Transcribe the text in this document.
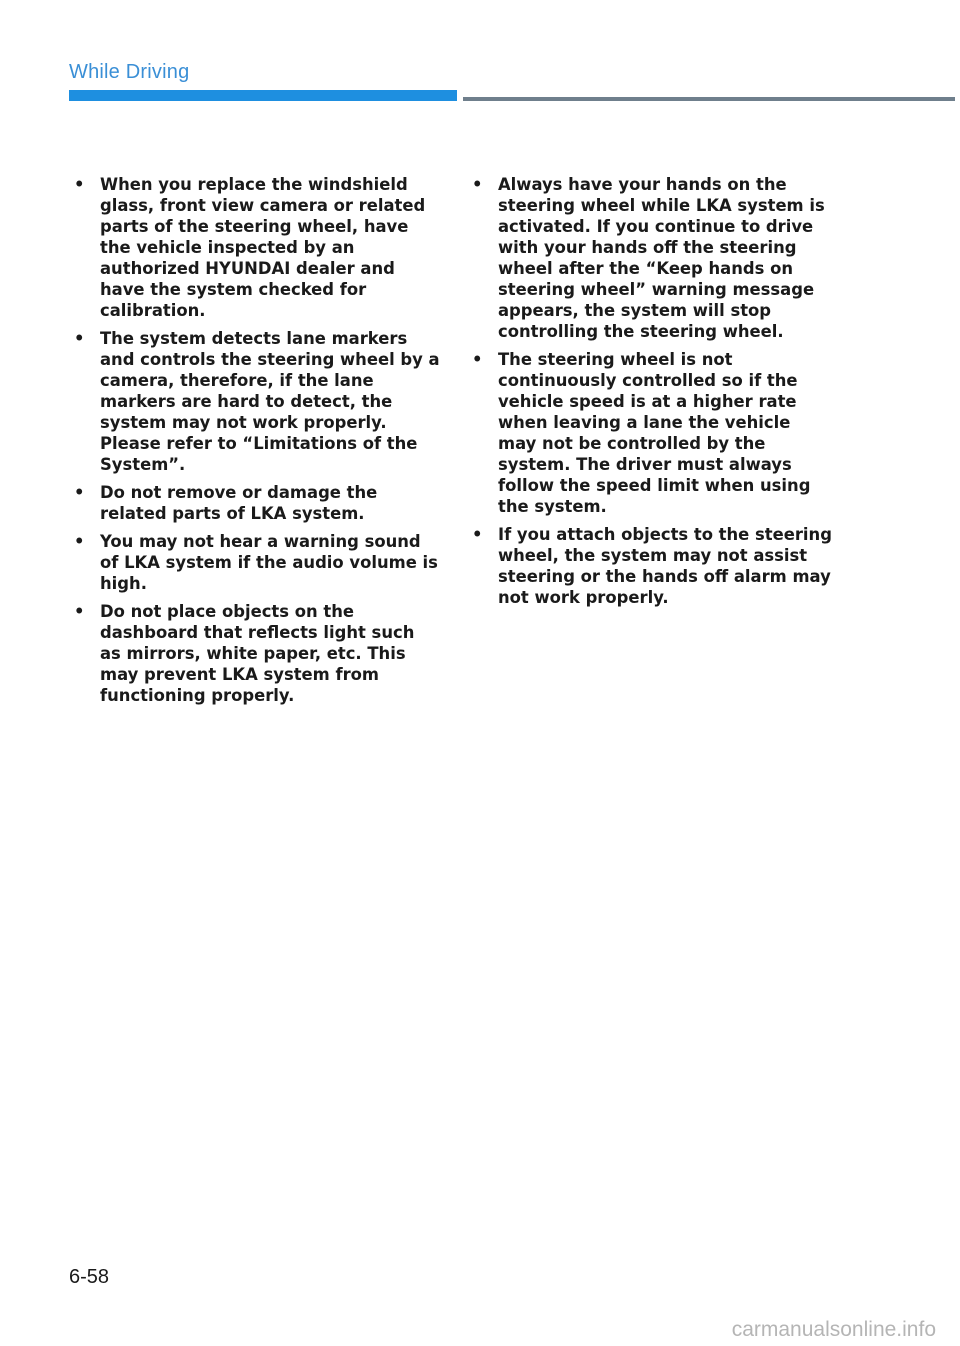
While Driving
• When you replace the windshield glass, front view camera or related parts of the steering wheel, have the vehicle inspected by an authorized HYUNDAI dealer and have the system checked for calibration.
• The system detects lane markers and controls the steering wheel by a camera, therefore, if the lane markers are hard to detect, the system may not work properly. Please refer to “Limitations of the System”.
• Do not remove or damage the related parts of LKA system.
• You may not hear a warning sound of LKA system if the audio volume is high.
• Do not place objects on the dashboard that reflects light such as mirrors, white paper, etc. This may prevent LKA system from functioning properly.
• Always have your hands on the steering wheel while LKA system is activated. If you continue to drive with your hands off the steering wheel after the “Keep hands on steering wheel” warning message appears, the system will stop controlling the steering wheel.
• The steering wheel is not continuously controlled so if the vehicle speed is at a higher rate when leaving a lane the vehicle may not be controlled by the system. The driver must always follow the speed limit when using the system.
• If you attach objects to the steering wheel, the system may not assist steering or the hands off alarm may not work properly.
6-58
carmanualsonline.info
